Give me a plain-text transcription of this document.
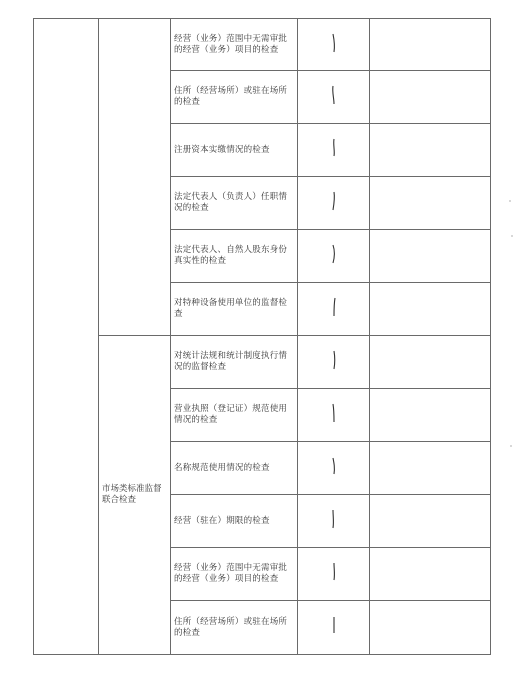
		经营（业务）范围中无需审批的经营（业务）项目的检查	

		住所（经营场所）或驻在场所的检查	

		注册资本实缴情况的检查	

		法定代表人（负责人）任职情况的检查	

		法定代表人、自然人股东身份真实性的检查	

		对特种设备使用单位的监督检查	

	市场类标准监督联合检查	对统计法规和统计制度执行情况的监督检查	

		营业执照（登记证）规范使用情况的检查	

		名称规范使用情况的检查	

		经营（驻在）期限的检查	

		经营（业务）范围中无需审批的经营（业务）项目的检查	

		住所（经营场所）或驻在场所的检查	
